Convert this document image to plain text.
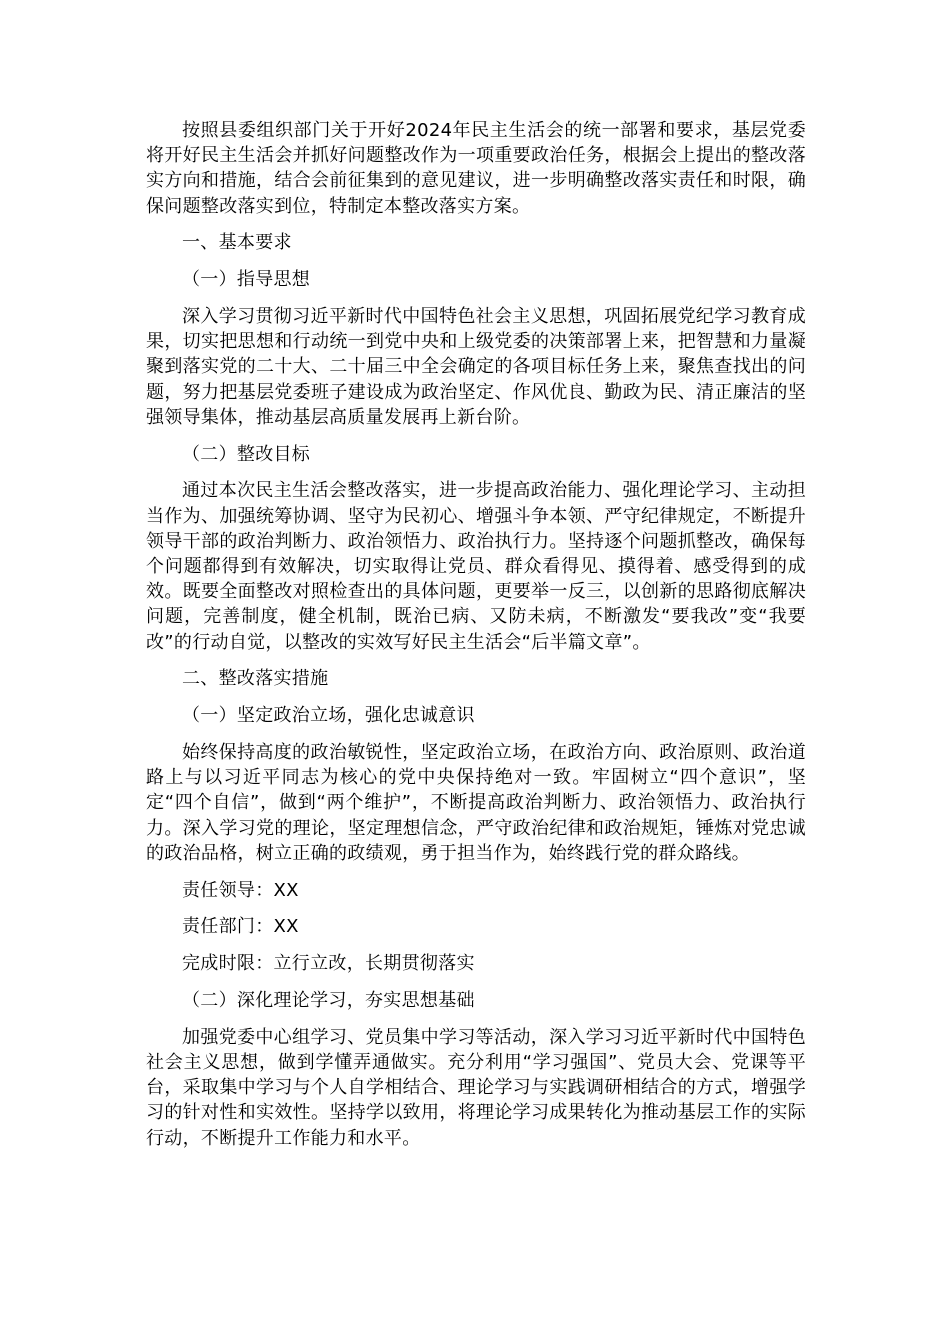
按照县委组织部门关于开好2024年民主生活会的统一部署和要求，基层党委将开好民主生活会并抓好问题整改作为一项重要政治任务，根据会上提出的整改落实方向和措施，结合会前征集到的意见建议，进一步明确整改落实责任和时限，确保问题整改落实到位，特制定本整改落实方案。

一、基本要求

（一）指导思想

深入学习贯彻习近平新时代中国特色社会主义思想，巩固拓展党纪学习教育成果，切实把思想和行动统一到党中央和上级党委的决策部署上来，把智慧和力量凝聚到落实党的二十大、二十届三中全会确定的各项目标任务上来，聚焦查找出的问题，努力把基层党委班子建设成为政治坚定、作风优良、勤政为民、清正廉洁的坚强领导集体，推动基层高质量发展再上新台阶。

（二）整改目标

通过本次民主生活会整改落实，进一步提高政治能力、强化理论学习、主动担当作为、加强统筹协调、坚守为民初心、增强斗争本领、严守纪律规定，不断提升领导干部的政治判断力、政治领悟力、政治执行力。坚持逐个问题抓整改，确保每个问题都得到有效解决，切实取得让党员、群众看得见、摸得着、感受得到的成效。既要全面整改对照检查出的具体问题，更要举一反三，以创新的思路彻底解决问题，完善制度，健全机制，既治已病、又防未病，不断激发“要我改”变“我要改”的行动自觉，以整改的实效写好民主生活会“后半篇文章”。

二、整改落实措施

（一）坚定政治立场，强化忠诚意识

始终保持高度的政治敏锐性，坚定政治立场，在政治方向、政治原则、政治道路上与以习近平同志为核心的党中央保持绝对一致。牢固树立“四个意识”，坚定“四个自信”，做到“两个维护”，不断提高政治判断力、政治领悟力、政治执行力。深入学习党的理论，坚定理想信念，严守政治纪律和政治规矩，锤炼对党忠诚的政治品格，树立正确的政绩观，勇于担当作为，始终践行党的群众路线。

责任领导：XX

责任部门：XX

完成时限：立行立改，长期贯彻落实

（二）深化理论学习，夯实思想基础

加强党委中心组学习、党员集中学习等活动，深入学习习近平新时代中国特色社会主义思想，做到学懂弄通做实。充分利用“学习强国”、党员大会、党课等平台，采取集中学习与个人自学相结合、理论学习与实践调研相结合的方式，增强学习的针对性和实效性。坚持学以致用，将理论学习成果转化为推动基层工作的实际行动，不断提升工作能力和水平。
